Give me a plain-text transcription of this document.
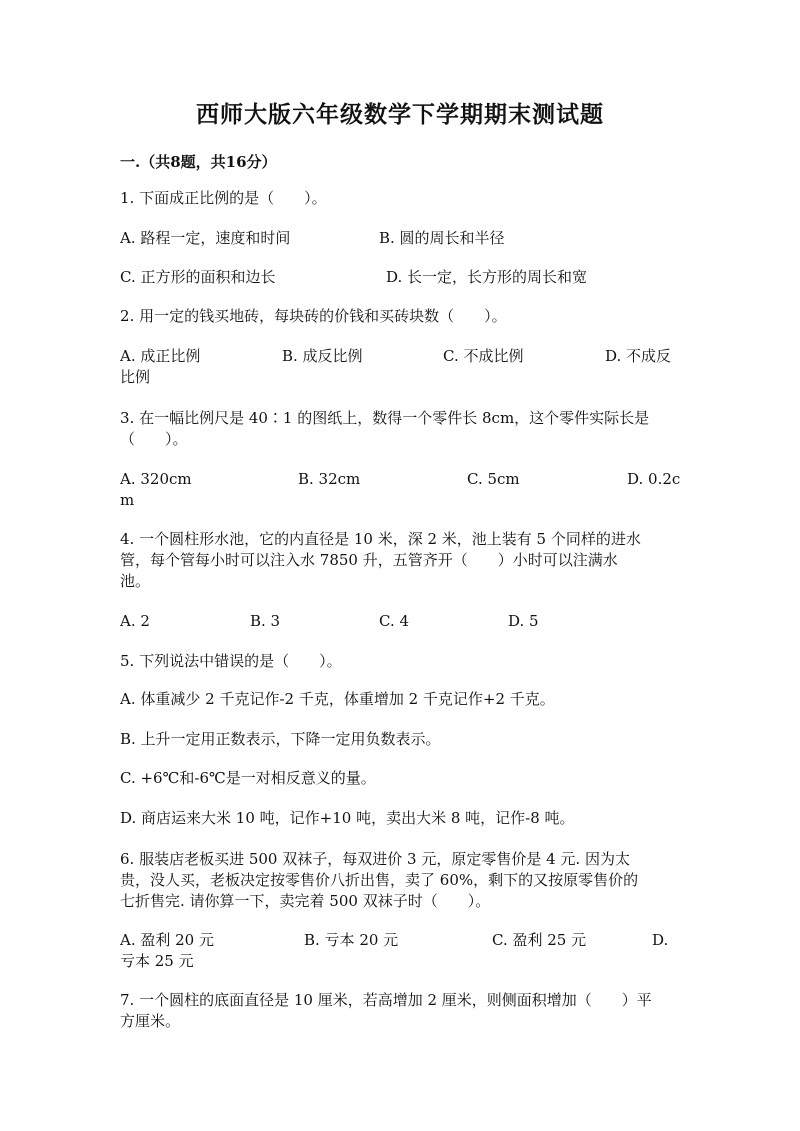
西师大版六年级数学下学期期末测试题
一.（共8题，共16分）
1. 下面成正比例的是（　　）。
A. 路程一定，速度和时间	B. 圆的周长和半径
C. 正方形的面积和边长	D. 长一定，长方形的周长和宽
2. 用一定的钱买地砖，每块砖的价钱和买砖块数（　　）。
A. 成正比例	B. 成反比例	C. 不成比例	D. 不成反
比例
3. 在一幅比例尺是 40∶1 的图纸上，数得一个零件长 8cm，这个零件实际长是
（　　）。
A. 320cm	B. 32cm	C. 5cm	D. 0.2c
m
4. 一个圆柱形水池，它的内直径是 10 米，深 2 米，池上装有 5 个同样的进水
管，每个管每小时可以注入水 7850 升，五管齐开（　　）小时可以注满水
池。
A. 2	B. 3	C. 4	D. 5
5. 下列说法中错误的是（　　）。
A. 体重减少 2 千克记作-2 千克，体重增加 2 千克记作+2 千克。
B. 上升一定用正数表示，下降一定用负数表示。
C. +6℃和-6℃是一对相反意义的量。
D. 商店运来大米 10 吨，记作+10 吨，卖出大米 8 吨，记作-8 吨。
6. 服装店老板买进 500 双袜子，每双进价 3 元，原定零售价是 4 元. 因为太
贵，没人买，老板决定按零售价八折出售，卖了 60%，剩下的又按原零售价的
七折售完. 请你算一下，卖完着 500 双袜子时（　　）。
A. 盈利 20 元	B. 亏本 20 元	C. 盈利 25 元	D.
亏本 25 元
7. 一个圆柱的底面直径是 10 厘米，若高增加 2 厘米，则侧面积增加（　　）平
方厘米。
